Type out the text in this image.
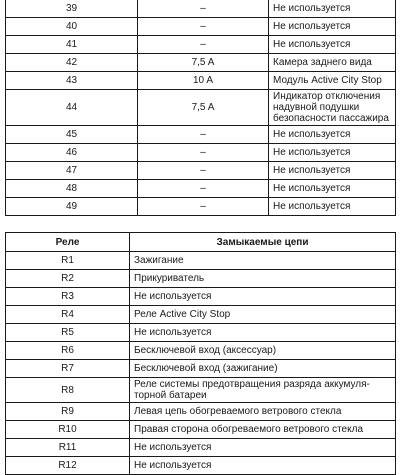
39	–	Не используется
40	–	Не используется
41	–	Не используется
42	7,5 A	Камера заднего вида
43	10 A	Модуль Active City Stop
44	7,5 A	Индикатор отключения
надувной подушки
безопасности пассажира
45	–	Не используется
46	–	Не используется
47	–	Не используется
48	–	Не используется
49	–	Не используется
Реле	Замыкаемые цепи
R1	Зажигание
R2	Прикуриватель
R3	Не используется
R4	Реле Active City Stop
R5	Не используется
R6	Бесключевой вход (аксессуар)
R7	Бесключевой вход (зажигание)
R8	Реле системы предотвращения разряда аккумуля-
торной батареи
R9	Левая цепь обогреваемого ветрового стекла
R10	Правая сторона обогреваемого ветрового стекла
R11	Не используется
R12	Не используется
